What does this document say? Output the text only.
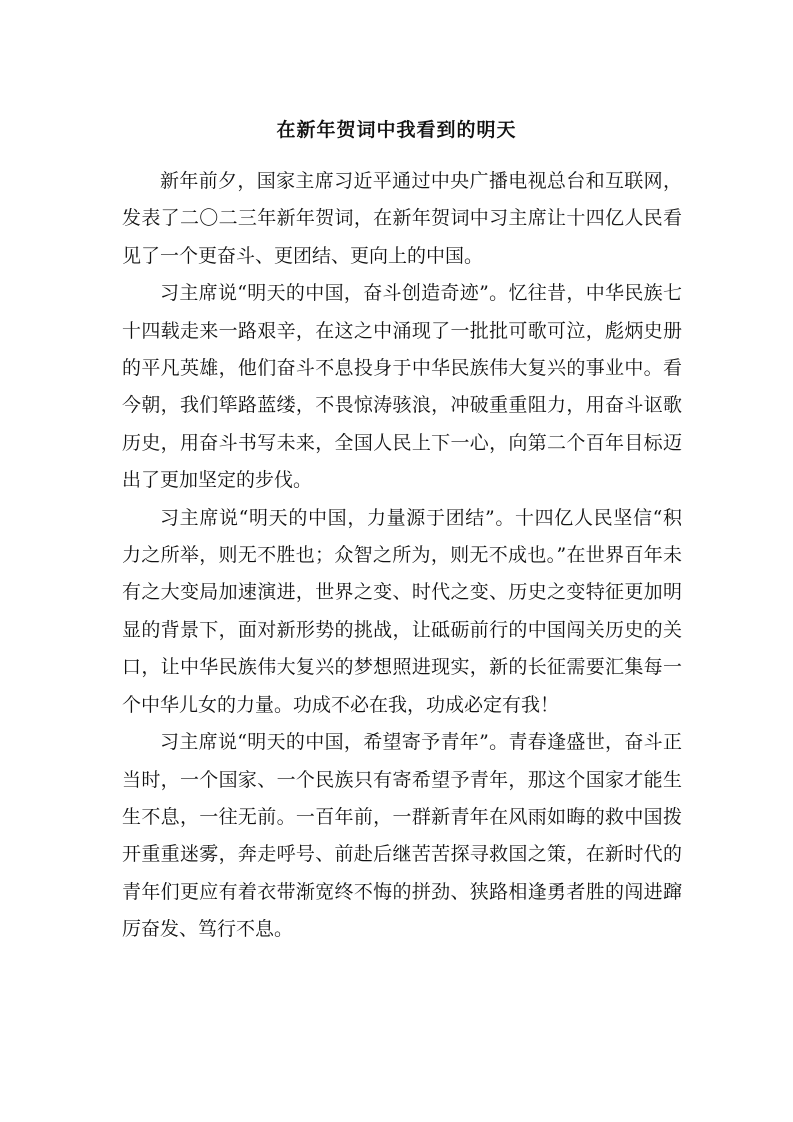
在新年贺词中我看到的明天

新年前夕，国家主席习近平通过中央广播电视总台和互联网，发表了二〇二三年新年贺词，在新年贺词中习主席让十四亿人民看见了一个更奋斗、更团结、更向上的中国。

习主席说“明天的中国，奋斗创造奇迹”。忆往昔，中华民族七十四载走来一路艰辛，在这之中涌现了一批批可歌可泣，彪炳史册的平凡英雄，他们奋斗不息投身于中华民族伟大复兴的事业中。看今朝，我们筚路蓝缕，不畏惊涛骇浪，冲破重重阻力，用奋斗讴歌历史，用奋斗书写未来，全国人民上下一心，向第二个百年目标迈出了更加坚定的步伐。

习主席说“明天的中国，力量源于团结”。十四亿人民坚信“积力之所举，则无不胜也；众智之所为，则无不成也。”在世界百年未有之大变局加速演进，世界之变、时代之变、历史之变特征更加明显的背景下，面对新形势的挑战，让砥砺前行的中国闯关历史的关口，让中华民族伟大复兴的梦想照进现实，新的长征需要汇集每一个中华儿女的力量。功成不必在我，功成必定有我！

习主席说“明天的中国，希望寄予青年”。青春逢盛世，奋斗正当时，一个国家、一个民族只有寄希望予青年，那这个国家才能生生不息，一往无前。一百年前，一群新青年在风雨如晦的救中国拨开重重迷雾，奔走呼号、前赴后继苦苦探寻救国之策，在新时代的青年们更应有着衣带渐宽终不悔的拼劲、狭路相逢勇者胜的闯进蹿厉奋发、笃行不息。
